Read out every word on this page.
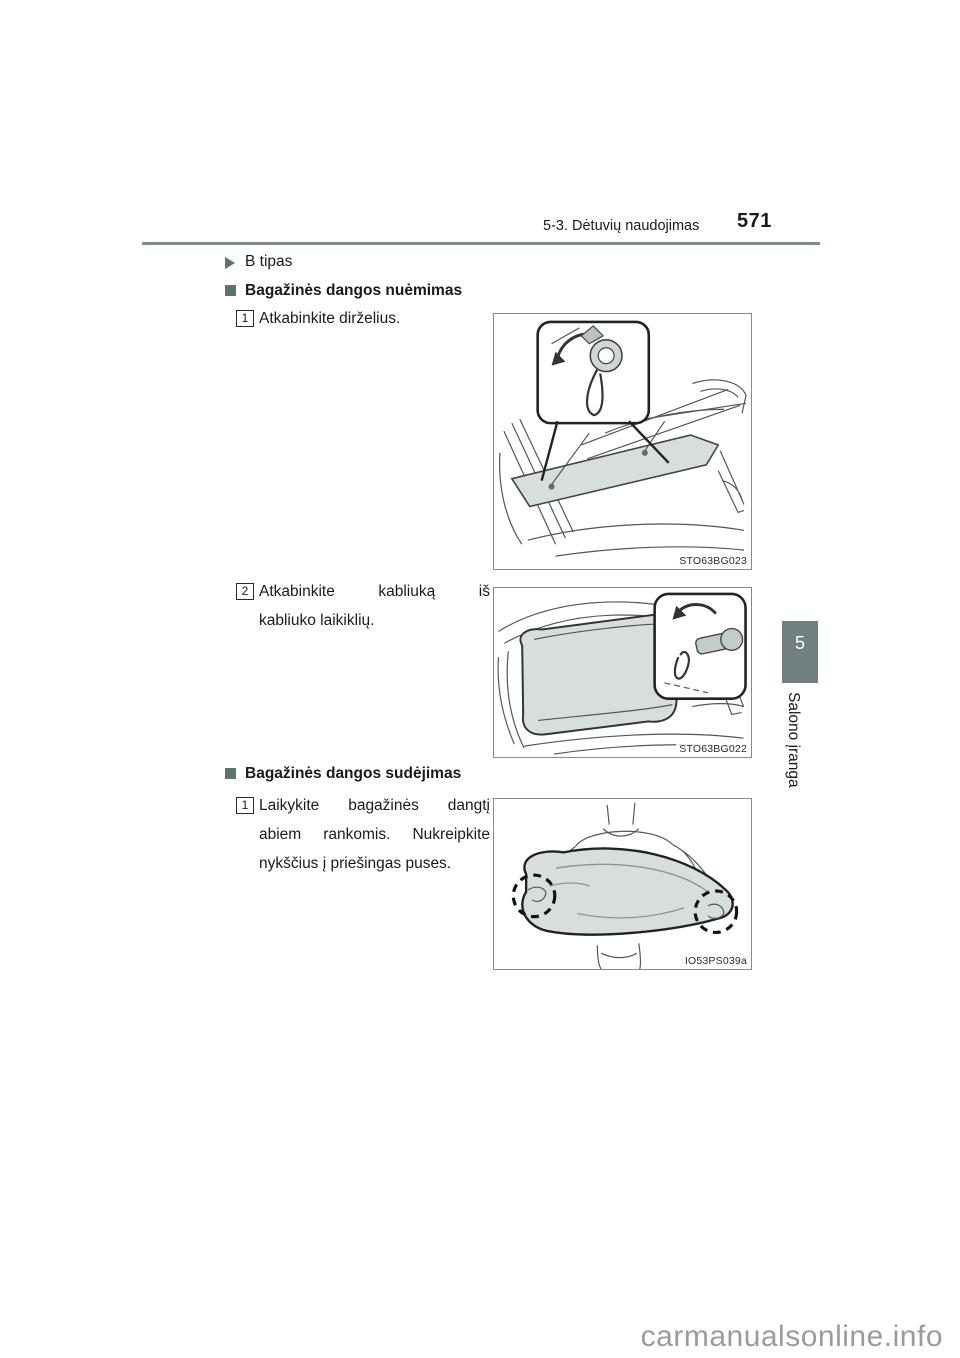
5-3. Dėtuvių naudojimas 571
B tipas
Bagažinės dangos nuėmimas
1 Atkabinkite dirželius.
STO63BG023
2 Atkabinkite kabliuką iš
kabliuko laikiklių.
STO63BG022
Bagažinės dangos sudėjimas
1 Laikykite bagažinės dangtį
abiem rankomis. Nukreipkite
nykščius į priešingas puses.
IO53PS039a
5
Salono įranga
carmanualsonline.info
